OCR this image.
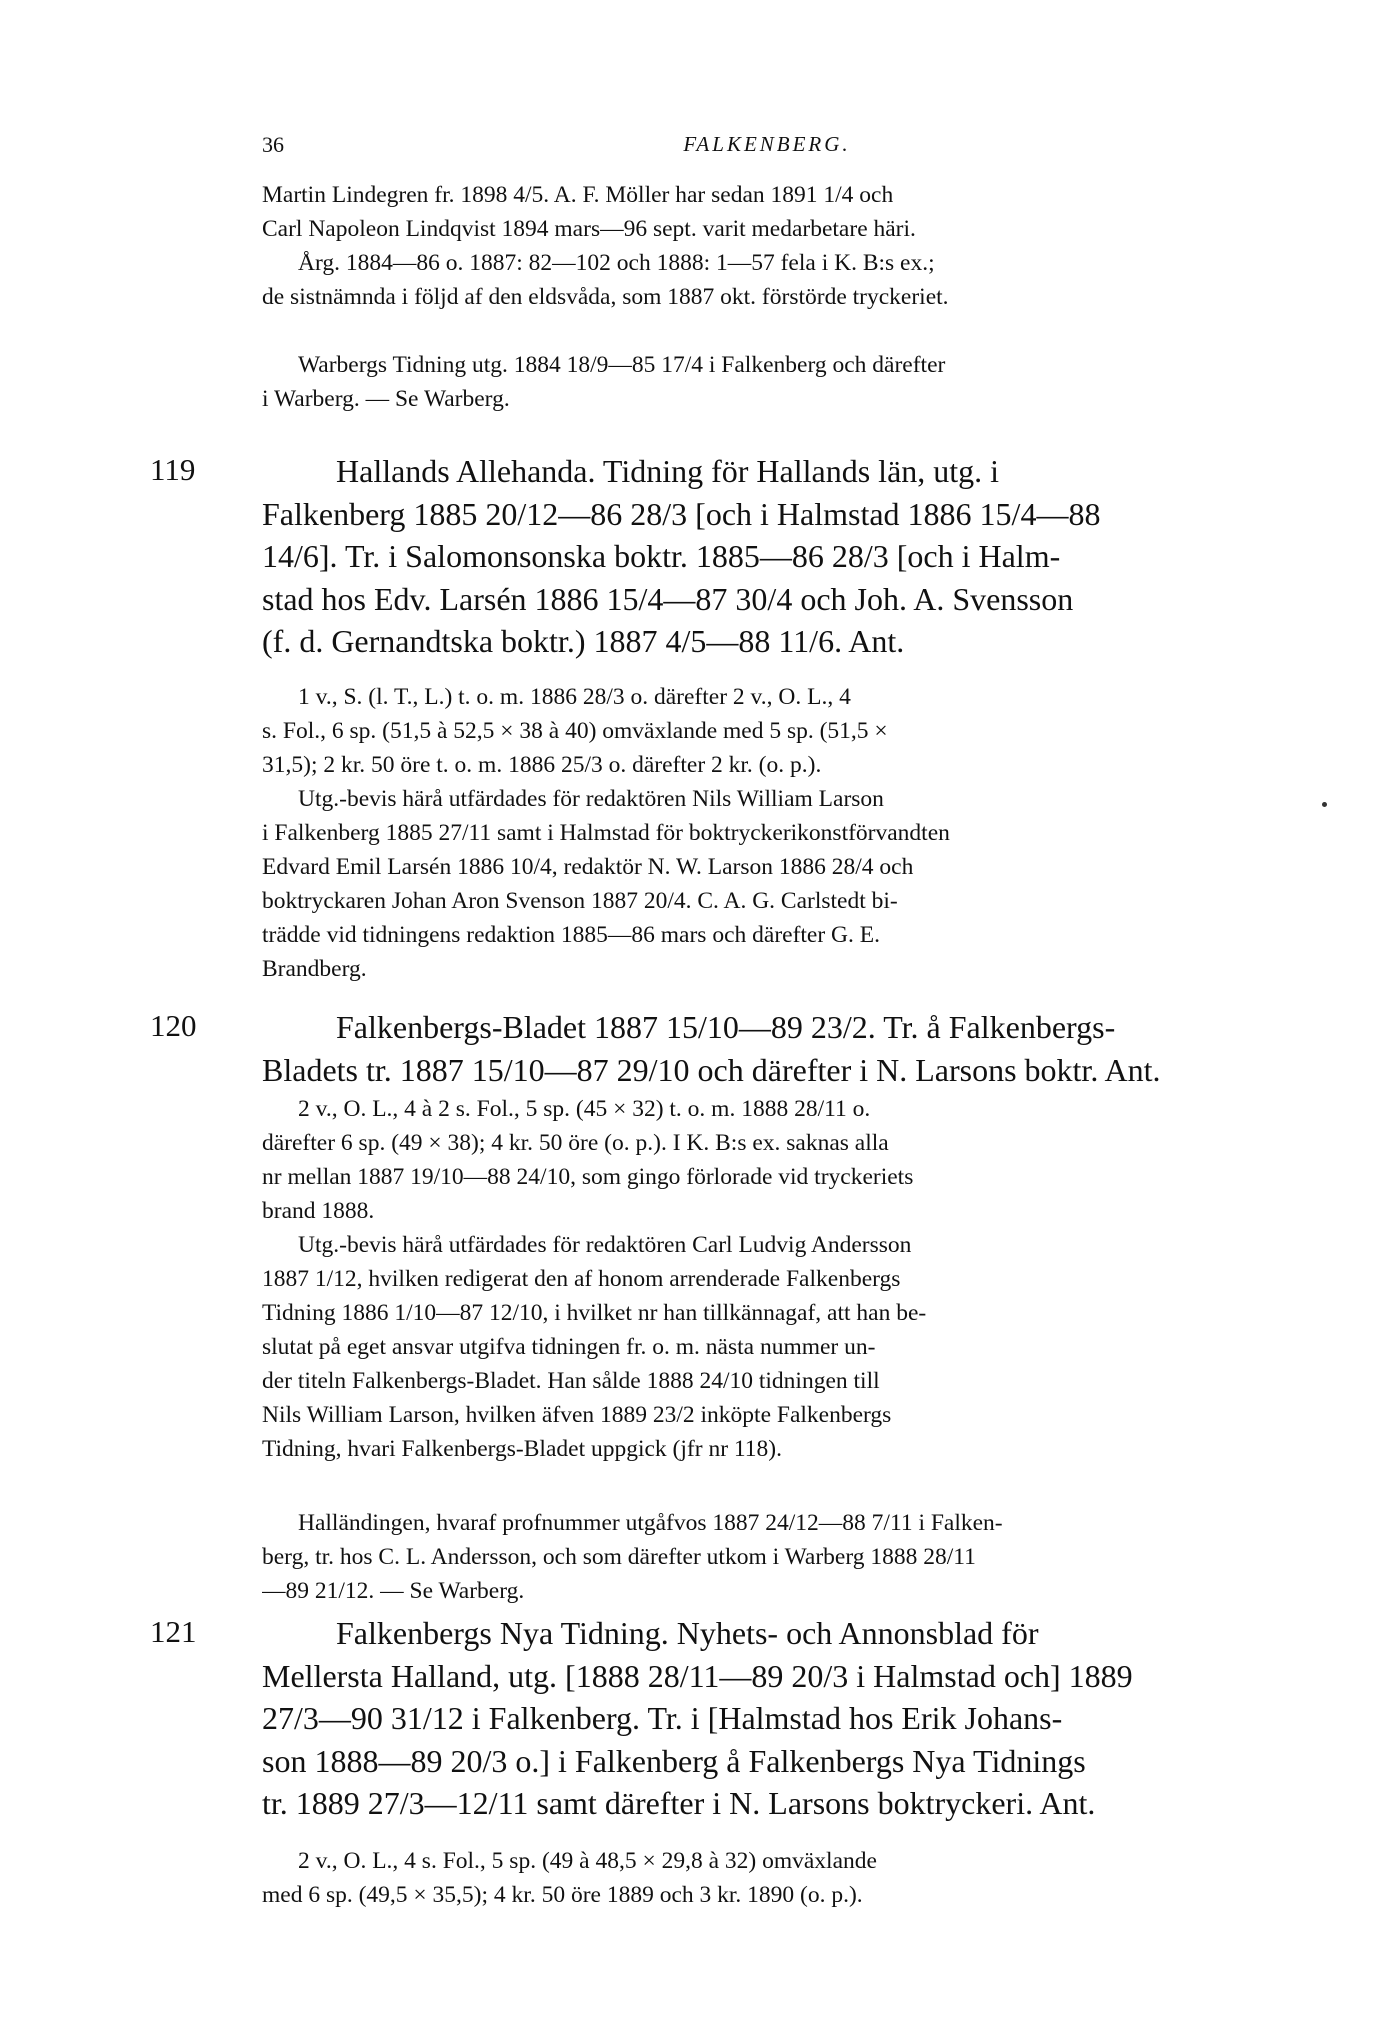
36	FALKENBERG.
Martin Lindegren fr. 1898 4/5. A. F. Möller har sedan 1891 1/4 och
Carl Napoleon Lindqvist 1894 mars—96 sept. varit medarbetare häri.
Årg. 1884—86 o. 1887: 82—102 och 1888: 1—57 fela i K. B:s ex.;
de sistnämnda i följd af den eldsvåda, som 1887 okt. förstörde tryckeriet.
Warbergs Tidning utg. 1884 18/9—85 17/4 i Falkenberg och därefter
i Warberg. — Se Warberg.
119	Hallands Allehanda. Tidning för Hallands län, utg. i
Falkenberg 1885 20/12—86 28/3 [och i Halmstad 1886 15/4—88
14/6]. Tr. i Salomonsonska boktr. 1885—86 28/3 [och i Halm-
stad hos Edv. Larsén 1886 15/4—87 30/4 och Joh. A. Svensson
(f. d. Gernandtska boktr.) 1887 4/5—88 11/6. Ant.
1 v., S. (l. T., L.) t. o. m. 1886 28/3 o. därefter 2 v., O. L., 4
s. Fol., 6 sp. (51,5 à 52,5 × 38 à 40) omväxlande med 5 sp. (51,5 ×
31,5); 2 kr. 50 öre t. o. m. 1886 25/3 o. därefter 2 kr. (o. p.).
Utg.-bevis härå utfärdades för redaktören Nils William Larson
i Falkenberg 1885 27/11 samt i Halmstad för boktryckerikonstförvandten
Edvard Emil Larsén 1886 10/4, redaktör N. W. Larson 1886 28/4 och
boktryckaren Johan Aron Svenson 1887 20/4. C. A. G. Carlstedt bi-
trädde vid tidningens redaktion 1885—86 mars och därefter G. E.
Brandberg.
120	Falkenbergs-Bladet 1887 15/10—89 23/2. Tr. å Falkenbergs-
Bladets tr. 1887 15/10—87 29/10 och därefter i N. Larsons boktr. Ant.
2 v., O. L., 4 à 2 s. Fol., 5 sp. (45 × 32) t. o. m. 1888 28/11 o.
därefter 6 sp. (49 × 38); 4 kr. 50 öre (o. p.). I K. B:s ex. saknas alla
nr mellan 1887 19/10—88 24/10, som gingo förlorade vid tryckeriets
brand 1888.
Utg.-bevis härå utfärdades för redaktören Carl Ludvig Andersson
1887 1/12, hvilken redigerat den af honom arrenderade Falkenbergs
Tidning 1886 1/10—87 12/10, i hvilket nr han tillkännagaf, att han be-
slutat på eget ansvar utgifva tidningen fr. o. m. nästa nummer un-
der titeln Falkenbergs-Bladet. Han sålde 1888 24/10 tidningen till
Nils William Larson, hvilken äfven 1889 23/2 inköpte Falkenbergs
Tidning, hvari Falkenbergs-Bladet uppgick (jfr nr 118).
Halländingen, hvaraf profnummer utgåfvos 1887 24/12—88 7/11 i Falken-
berg, tr. hos C. L. Andersson, och som därefter utkom i Warberg 1888 28/11
—89 21/12. — Se Warberg.
121	Falkenbergs Nya Tidning. Nyhets- och Annonsblad för
Mellersta Halland, utg. [1888 28/11—89 20/3 i Halmstad och] 1889
27/3—90 31/12 i Falkenberg. Tr. i [Halmstad hos Erik Johans-
son 1888—89 20/3 o.] i Falkenberg å Falkenbergs Nya Tidnings
tr. 1889 27/3—12/11 samt därefter i N. Larsons boktryckeri. Ant.
2 v., O. L., 4 s. Fol., 5 sp. (49 à 48,5 × 29,8 à 32) omväxlande
med 6 sp. (49,5 × 35,5); 4 kr. 50 öre 1889 och 3 kr. 1890 (o. p.).
